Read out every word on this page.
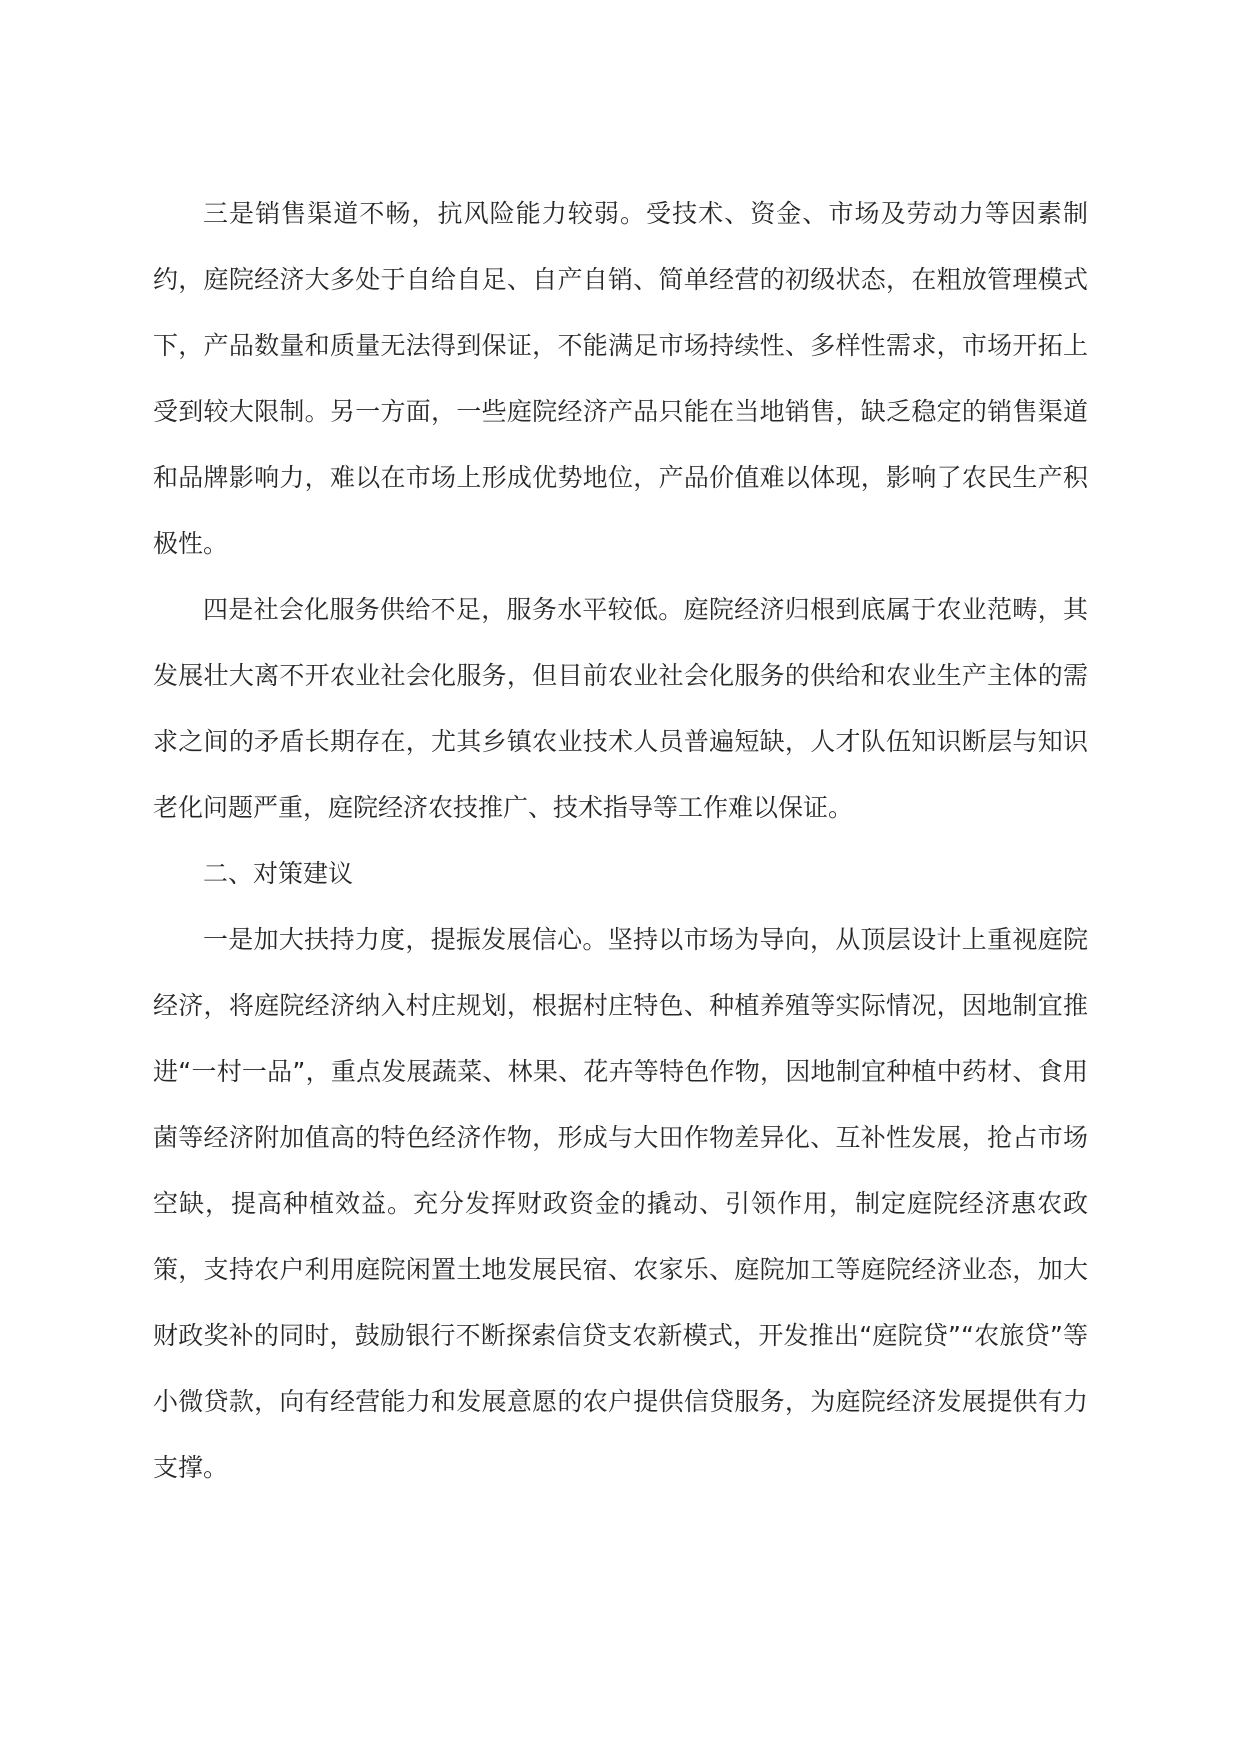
三是销售渠道不畅，抗风险能力较弱。受技术、资金、市场及劳动力等因素制约，庭院经济大多处于自给自足、自产自销、简单经营的初级状态，在粗放管理模式下，产品数量和质量无法得到保证，不能满足市场持续性、多样性需求，市场开拓上受到较大限制。另一方面，一些庭院经济产品只能在当地销售，缺乏稳定的销售渠道和品牌影响力，难以在市场上形成优势地位，产品价值难以体现，影响了农民生产积极性。

四是社会化服务供给不足，服务水平较低。庭院经济归根到底属于农业范畴，其发展壮大离不开农业社会化服务，但目前农业社会化服务的供给和农业生产主体的需求之间的矛盾长期存在，尤其乡镇农业技术人员普遍短缺，人才队伍知识断层与知识老化问题严重，庭院经济农技推广、技术指导等工作难以保证。

二、对策建议

一是加大扶持力度，提振发展信心。坚持以市场为导向，从顶层设计上重视庭院经济，将庭院经济纳入村庄规划，根据村庄特色、种植养殖等实际情况，因地制宜推进“一村一品”，重点发展蔬菜、林果、花卉等特色作物，因地制宜种植中药材、食用菌等经济附加值高的特色经济作物，形成与大田作物差异化、互补性发展，抢占市场空缺，提高种植效益。充分发挥财政资金的撬动、引领作用，制定庭院经济惠农政策，支持农户利用庭院闲置土地发展民宿、农家乐、庭院加工等庭院经济业态，加大财政奖补的同时，鼓励银行不断探索信贷支农新模式，开发推出“庭院贷”“农旅贷”等小微贷款，向有经营能力和发展意愿的农户提供信贷服务，为庭院经济发展提供有力支撑。
